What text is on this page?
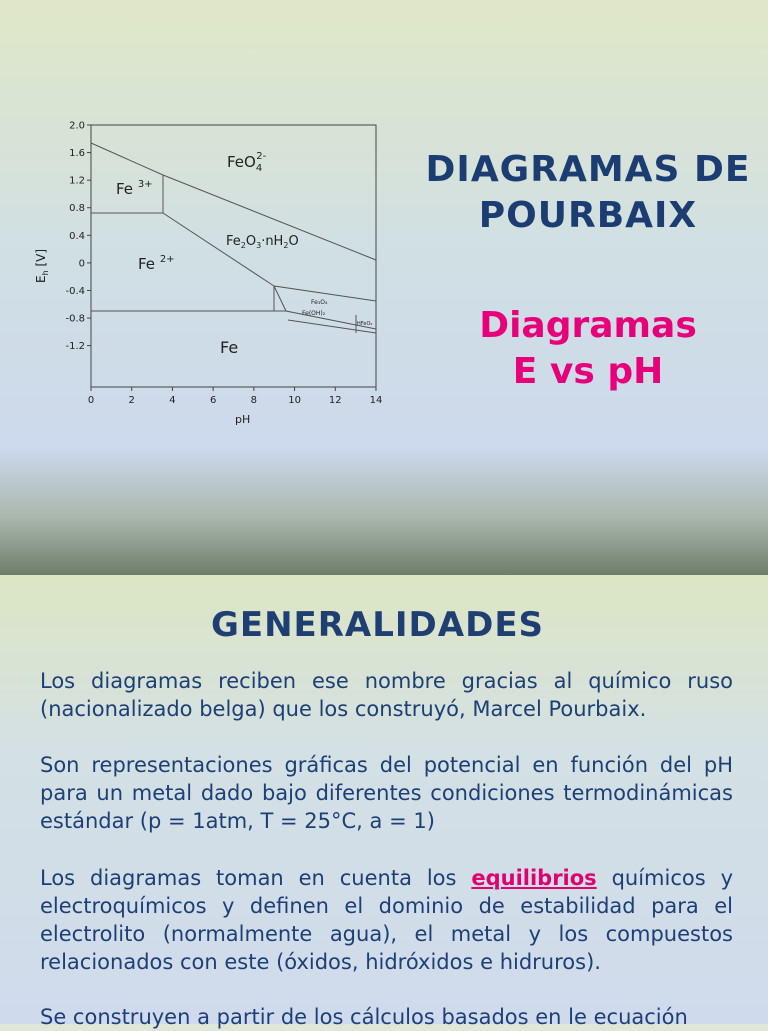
0	2	4	6	8	10	12	14
2.0
1.6
1.2
0.8
0.4
0
-0.4
-0.8
-1.2
FeO$_4$2-
Fe $^{3+}$
Fe $^{2+}$
$Fe_2O_3\cdot nH_2O$
Fe
Fe₃O₄
Fe(OH)₂
HFeO₂
pH
$E_h$ [V]
DIAGRAMAS DE POURBAIX
Diagramas
E vs pH
GENERALIDADES

Los diagramas reciben ese nombre gracias al químico ruso (nacionalizado belga) que los construyó, Marcel Pourbaix.

Son representaciones gráficas del potencial en función del pH para un metal dado bajo diferentes condiciones termodinámicas estándar (p = 1atm, T = 25°C, a = 1)

Los diagramas toman en cuenta los equilibrios químicos y electroquímicos y definen el dominio de estabilidad para el electrolito (normalmente agua), el metal y los compuestos relacionados con este (óxidos, hidróxidos e hidruros).

Se construyen a partir de los cálculos basados en le ecuación
